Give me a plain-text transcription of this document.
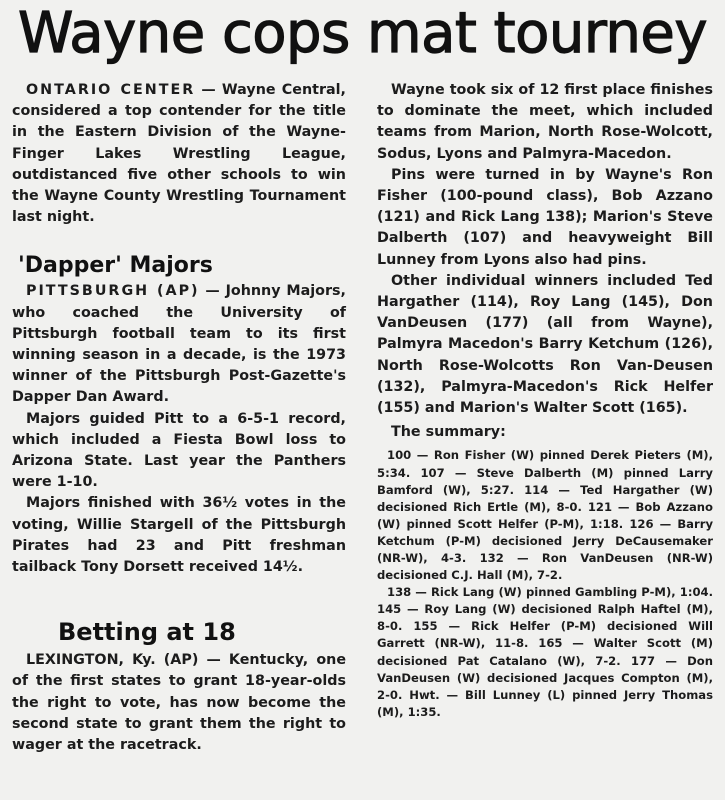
Wayne cops mat tourney

ONTARIO CENTER — Wayne Central, considered a top contender for the title in the Eastern Division of the Wayne-Finger Lakes Wrestling League, outdistanced five other schools to win the Wayne County Wrestling Tournament last night.

'Dapper' Majors

PITTSBURGH (AP) — Johnny Majors, who coached the University of Pittsburgh football team to its first winning season in a decade, is the 1973 winner of the Pittsburgh Post-Gazette's Dapper Dan Award.

Majors guided Pitt to a 6-5-1 record, which included a Fiesta Bowl loss to Arizona State. Last year the Panthers were 1-10.

Majors finished with 36½ votes in the voting, Willie Stargell of the Pittsburgh Pirates had 23 and Pitt freshman tailback Tony Dorsett received 14½.

Betting at 18

LEXINGTON, Ky. (AP) — Kentucky, one of the first states to grant 18-year-olds the right to vote, has now become the second state to grant them the right to wager at the racetrack.

Wayne took six of 12 first place finishes to dominate the meet, which included teams from Marion, North Rose-Wolcott, Sodus, Lyons and Palmyra-Macedon.

Pins were turned in by Wayne's Ron Fisher (100-pound class), Bob Azzano (121) and Rick Lang 138); Marion's Steve Dalberth (107) and heavyweight Bill Lunney from Lyons also had pins.

Other individual winners included Ted Hargather (114), Roy Lang (145), Don VanDeusen (177) (all from Wayne), Palmyra Macedon's Barry Ketchum (126), North Rose-Wolcotts Ron Van-Deusen (132), Palmyra-Macedon's Rick Helfer (155) and Marion's Walter Scott (165).

The summary:

100 — Ron Fisher (W) pinned Derek Pieters (M), 5:34. 107 — Steve Dalberth (M) pinned Larry Bamford (W), 5:27. 114 — Ted Hargather (W) decisioned Rich Ertle (M), 8-0. 121 — Bob Azzano (W) pinned Scott Helfer (P-M), 1:18. 126 — Barry Ketchum (P-M) decisioned Jerry DeCausemaker (NR-W), 4-3. 132 — Ron VanDeusen (NR-W) decisioned C.J. Hall (M), 7-2.

138 — Rick Lang (W) pinned Gambling P-M), 1:04. 145 — Roy Lang (W) decisioned Ralph Haftel (M), 8-0. 155 — Rick Helfer (P-M) decisioned Will Garrett (NR-W), 11-8. 165 — Walter Scott (M) decisioned Pat Catalano (W), 7-2. 177 — Don VanDeusen (W) decisioned Jacques Compton (M), 2-0. Hwt. — Bill Lunney (L) pinned Jerry Thomas (M), 1:35.
